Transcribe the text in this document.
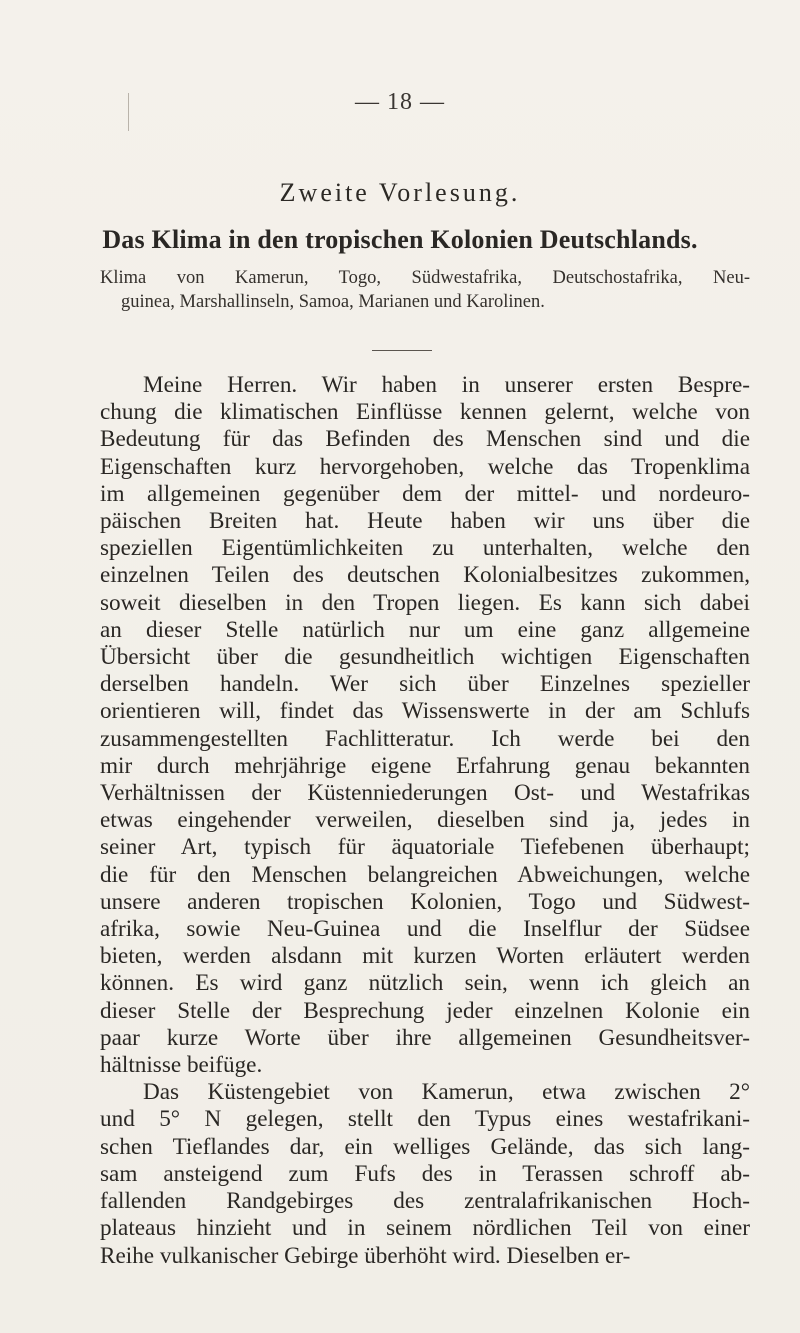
— 18 —
Zweite Vorlesung.
Das Klima in den tropischen Kolonien Deutschlands.
Klima von Kamerun, Togo, Südwestafrika, Deutschostafrika, Neu-
guinea, Marshallinseln, Samoa, Marianen und Karolinen.
Meine Herren. Wir haben in unserer ersten Bespre-
chung die klimatischen Einflüsse kennen gelernt, welche von
Bedeutung für das Befinden des Menschen sind und die
Eigenschaften kurz hervorgehoben, welche das Tropenklima
im allgemeinen gegenüber dem der mittel- und nordeuro-
päischen Breiten hat. Heute haben wir uns über die
speziellen Eigentümlichkeiten zu unterhalten, welche den
einzelnen Teilen des deutschen Kolonialbesitzes zukommen,
soweit dieselben in den Tropen liegen. Es kann sich dabei
an dieser Stelle natürlich nur um eine ganz allgemeine
Übersicht über die gesundheitlich wichtigen Eigenschaften
derselben handeln. Wer sich über Einzelnes spezieller
orientieren will, findet das Wissenswerte in der am Schlufs
zusammengestellten Fachlitteratur. Ich werde bei den
mir durch mehrjährige eigene Erfahrung genau bekannten
Verhältnissen der Küstenniederungen Ost- und Westafrikas
etwas eingehender verweilen, dieselben sind ja, jedes in
seiner Art, typisch für äquatoriale Tiefebenen überhaupt;
die für den Menschen belangreichen Abweichungen, welche
unsere anderen tropischen Kolonien, Togo und Südwest-
afrika, sowie Neu-Guinea und die Inselflur der Südsee
bieten, werden alsdann mit kurzen Worten erläutert werden
können. Es wird ganz nützlich sein, wenn ich gleich an
dieser Stelle der Besprechung jeder einzelnen Kolonie ein
paar kurze Worte über ihre allgemeinen Gesundheitsver-
hältnisse beifüge.
Das Küstengebiet von Kamerun, etwa zwischen 2°
und 5° N gelegen, stellt den Typus eines westafrikani-
schen Tieflandes dar, ein welliges Gelände, das sich lang-
sam ansteigend zum Fufs des in Terassen schroff ab-
fallenden Randgebirges des zentralafrikanischen Hoch-
plateaus hinzieht und in seinem nördlichen Teil von einer
Reihe vulkanischer Gebirge überhöht wird. Dieselben er-
